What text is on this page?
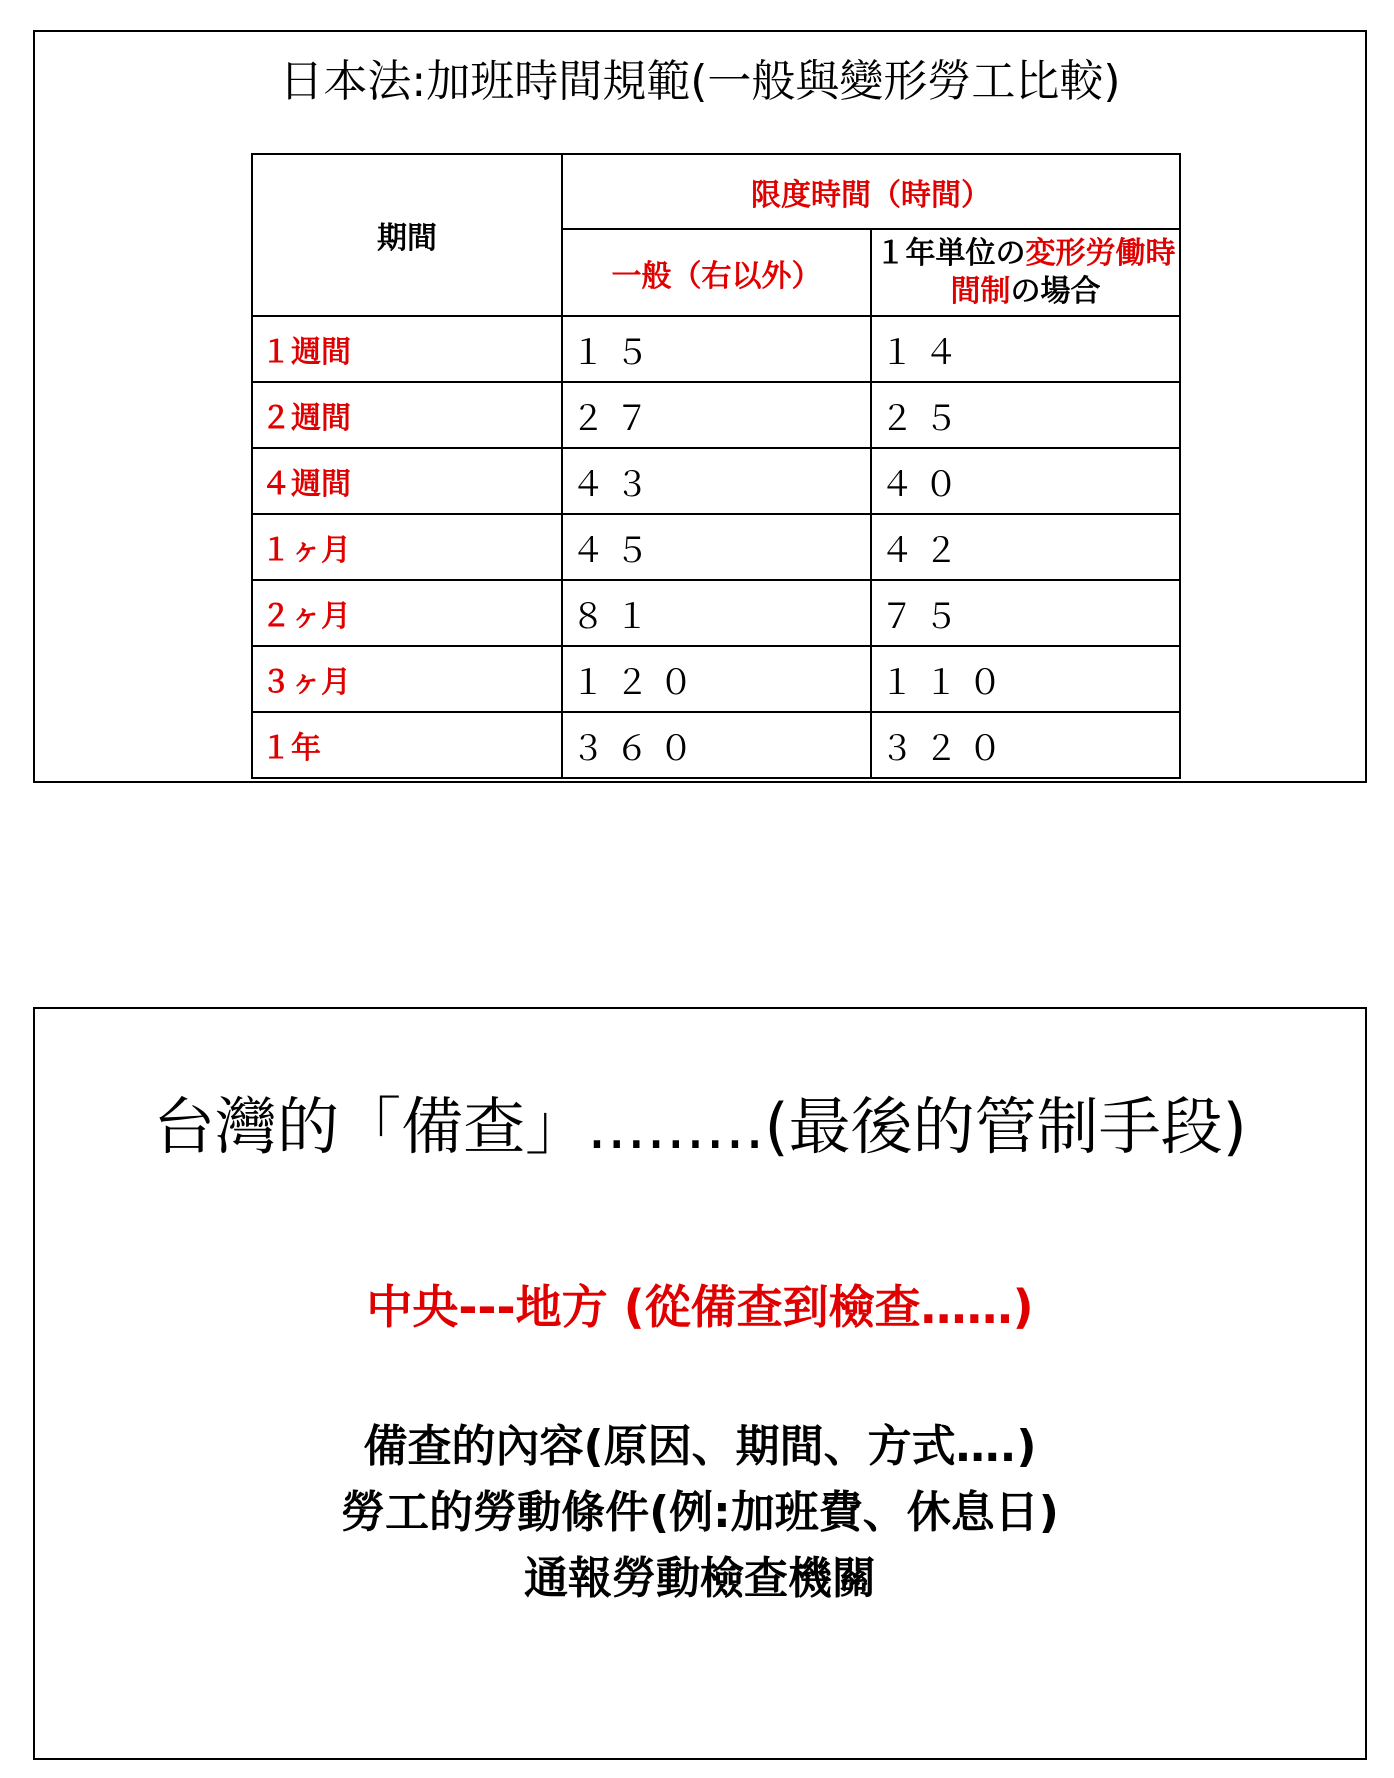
日本法:加班時間規範(一般與變形勞工比較)
期間	限度時間（時間）	
	一般（右以外）	１年単位の変形労働時間制の場合
１週間	１５	１４
２週間	２７	２５
４週間	４３	４０
１ヶ月	４５	４２
２ヶ月	８１	７５
３ヶ月	１２０	１１０
１年	３６０	３２０
台灣的「備查」.........(最後的管制手段)
中央---地方 (從備查到檢查……)
備查的內容(原因、期間、方式….)
勞工的勞動條件(例:加班費、休息日)
通報勞動檢查機關
